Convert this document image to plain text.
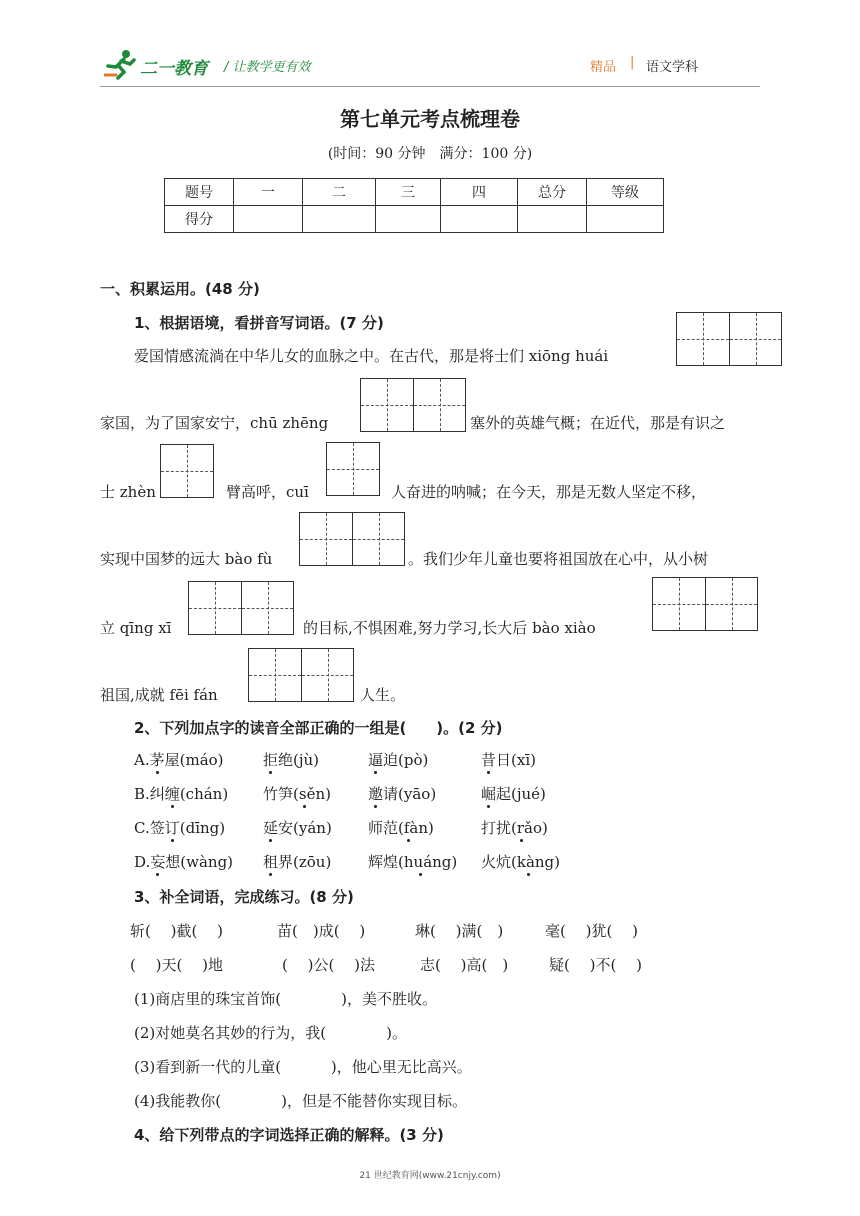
二一教育 / 让教学更有效	精品 | 语文学科
第七单元考点梳理卷
(时间：90 分钟　满分：100 分)
题号	一	二	三	四	总分	等级
得分						
一、积累运用。(48 分)
1、根据语境，看拼音写词语。(7 分)
爱国情感流淌在中华儿女的血脉之中。在古代，那是将士们 xiōng huái
家国，为了国家安宁，chū zhēng	塞外的英雄气概；在近代，那是有识之
士 zhèn	臂高呼，cuī	人奋进的呐喊；在今天，那是无数人坚定不移，
实现中国梦的远大 bào fù	。我们少年儿童也要将祖国放在心中，从小树
立 qīng xī	的目标,不惧困难,努力学习,长大后 bào xiào
祖国,成就 fēi fán	人生。
2、下列加点字的读音全部正确的一组是(　　)。(2 分)
A.茅屋(máo)	拒绝(jù)	逼迫(pò)	昔日(xī)
B.纠缠(chán) 竹笋(sěn) 邀请(yāo)	崛起(jué)
C.签订(dīng)	延安(yán) 师范(fàn)	打扰(rǎo)
D.妄想(wàng) 租界(zōu) 辉煌(huáng) 火炕(kàng)
3、补全词语，完成练习。(8 分)
斩(　 )截(　 )	苗(　)成(　 )	琳(　 )满(　)	毫(　 )犹(　 )
(　 )天(　 )地	(　 )公(　 )法	志(　 )高(　)	疑(　 )不(　 )
(1)商店里的珠宝首饰(　　　　)，美不胜收。
(2)对她莫名其妙的行为，我(　　　　)。
(3)看到新一代的儿童(　　　 )，他心里无比高兴。
(4)我能教你(　　　　)，但是不能替你实现目标。
4、给下列带点的字词选择正确的解释。(3 分)
21 世纪教育网(www.21cnjy.com)
